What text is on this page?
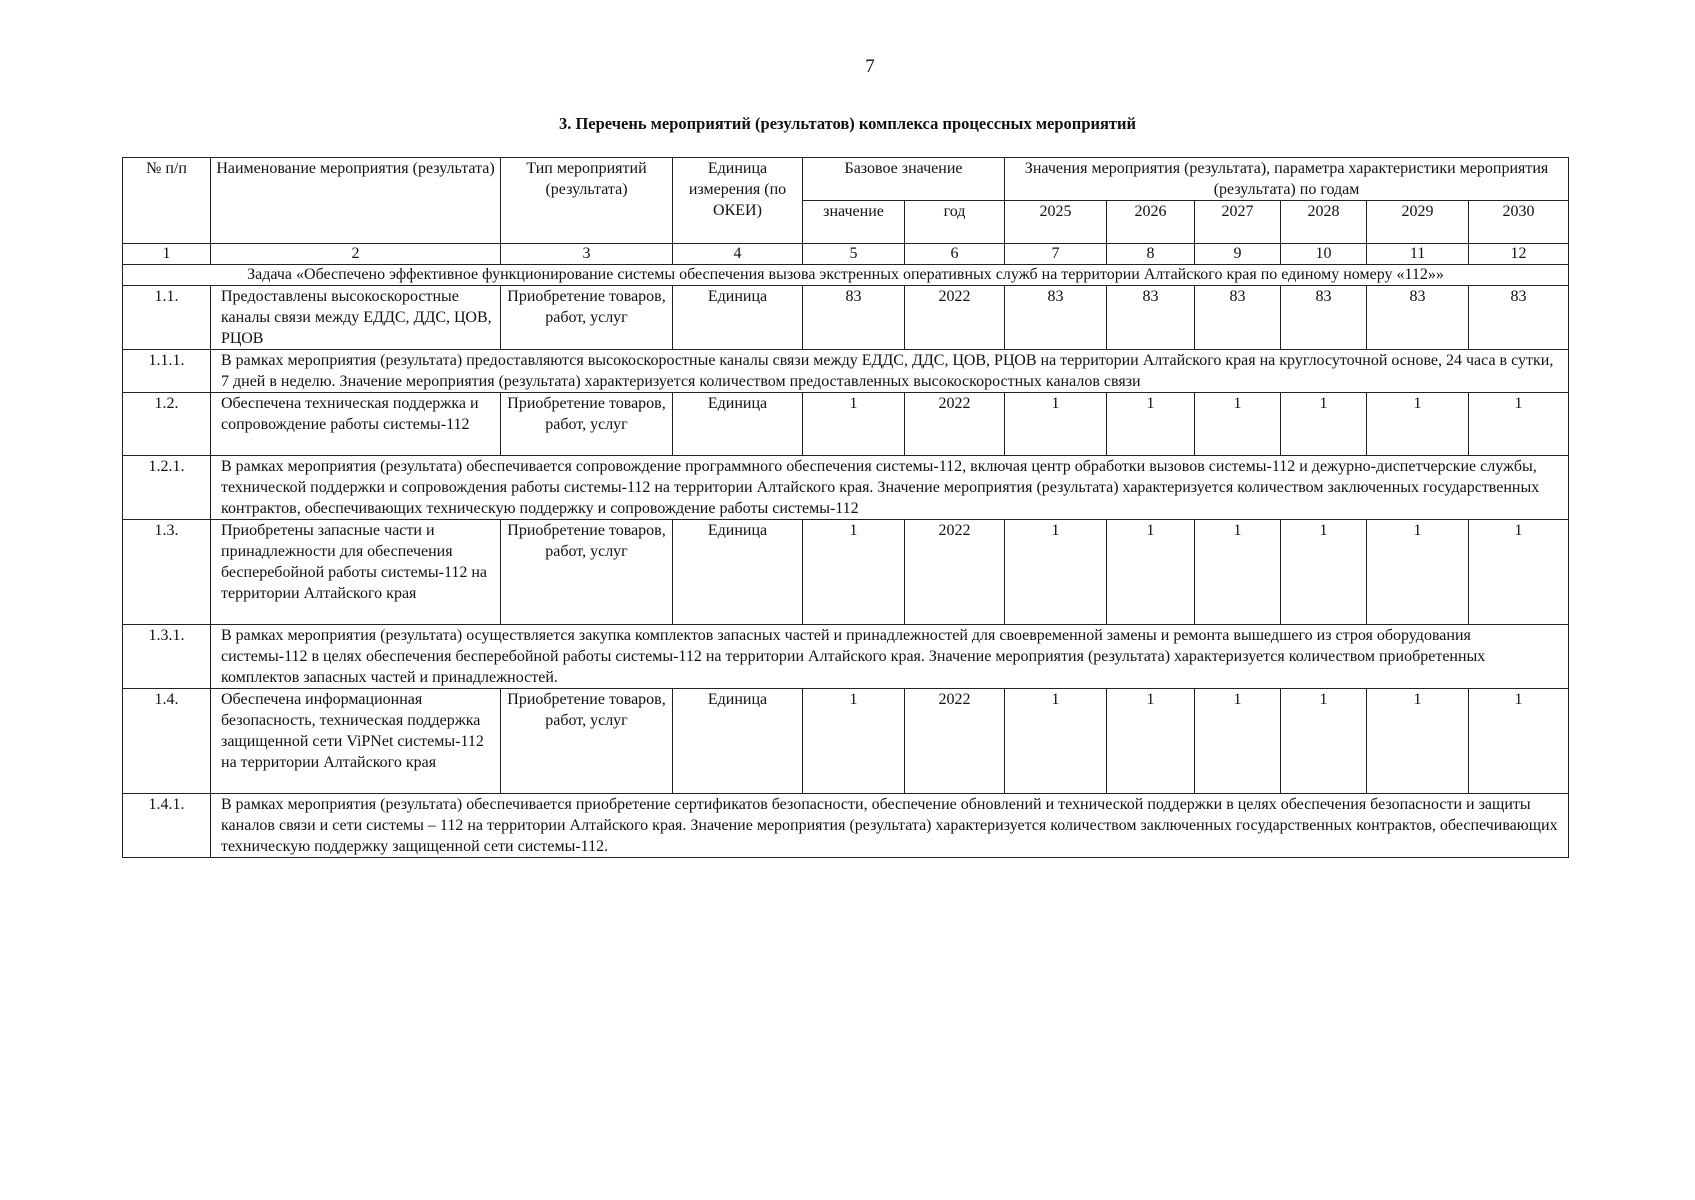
7
3. Перечень мероприятий (результатов) комплекса процессных мероприятий
№ п/п	Наименование мероприятия (результата)	Тип мероприятий (результата)	Единица измерения (по ОКЕИ)	Базовое значение		Значения мероприятия (результата), параметра характеристики мероприятия (результата) по годам					
				значение	год	2025	2026	2027	2028	2029	2030
1	2	3	4	5	6	7	8	9	10	11	12
Задача «Обеспечено эффективное функционирование системы обеспечения вызова экстренных оперативных служб на территории Алтайского края по единому номеру «112»»											
1.1.	Предоставлены высокоскоростные каналы связи между ЕДДС, ДДС, ЦОВ, РЦОВ	Приобретение товаров, работ, услуг	Единица	83	2022	83	83	83	83	83	83
1.1.1.	В рамках мероприятия (результата) предоставляются высокоскоростные каналы связи между ЕДДС, ДДС, ЦОВ, РЦОВ на территории Алтайского края на круглосуточной основе, 24 часа в сутки, 7 дней в неделю. Значение мероприятия (результата) характеризуется количеством предоставленных высокоскоростных каналов связи										
1.2.	Обеспечена техническая поддержка и сопровождение работы системы-112	Приобретение товаров, работ, услуг	Единица	1	2022	1	1	1	1	1	1
1.2.1.	В рамках мероприятия (результата) обеспечивается сопровождение программного обеспечения системы-112, включая центр обработки вызовов системы-112 и дежурно-диспетчерские службы, технической поддержки и сопровождения работы системы-112 на территории Алтайского края. Значение мероприятия (результата) характеризуется количеством заключенных государственных контрактов, обеспечивающих техническую поддержку и сопровождение работы системы-112										
1.3.	Приобретены запасные части и принадлежности для обеспечения бесперебойной работы системы-112 на территории Алтайского края	Приобретение товаров, работ, услуг	Единица	1	2022	1	1	1	1	1	1
1.3.1.	В рамках мероприятия (результата) осуществляется закупка комплектов запасных частей и принадлежностей для своевременной замены и ремонта вышедшего из строя оборудования системы-112 в целях обеспечения бесперебойной работы системы-112 на территории Алтайского края. Значение мероприятия (результата) характеризуется количеством приобретенных комплектов запасных частей и принадлежностей.										
1.4.	Обеспечена информационная безопасность, техническая поддержка защищенной сети ViPNet системы-112 на территории Алтайского края	Приобретение товаров, работ, услуг	Единица	1	2022	1	1	1	1	1	1
1.4.1.	В рамках мероприятия (результата) обеспечивается приобретение сертификатов безопасности, обеспечение обновлений и технической поддержки в целях обеспечения безопасности и защиты каналов связи и сети системы – 112 на территории Алтайского края. Значение мероприятия (результата) характеризуется количеством заключенных государственных контрактов, обеспечивающих техническую поддержку защищенной сети системы-112.										
